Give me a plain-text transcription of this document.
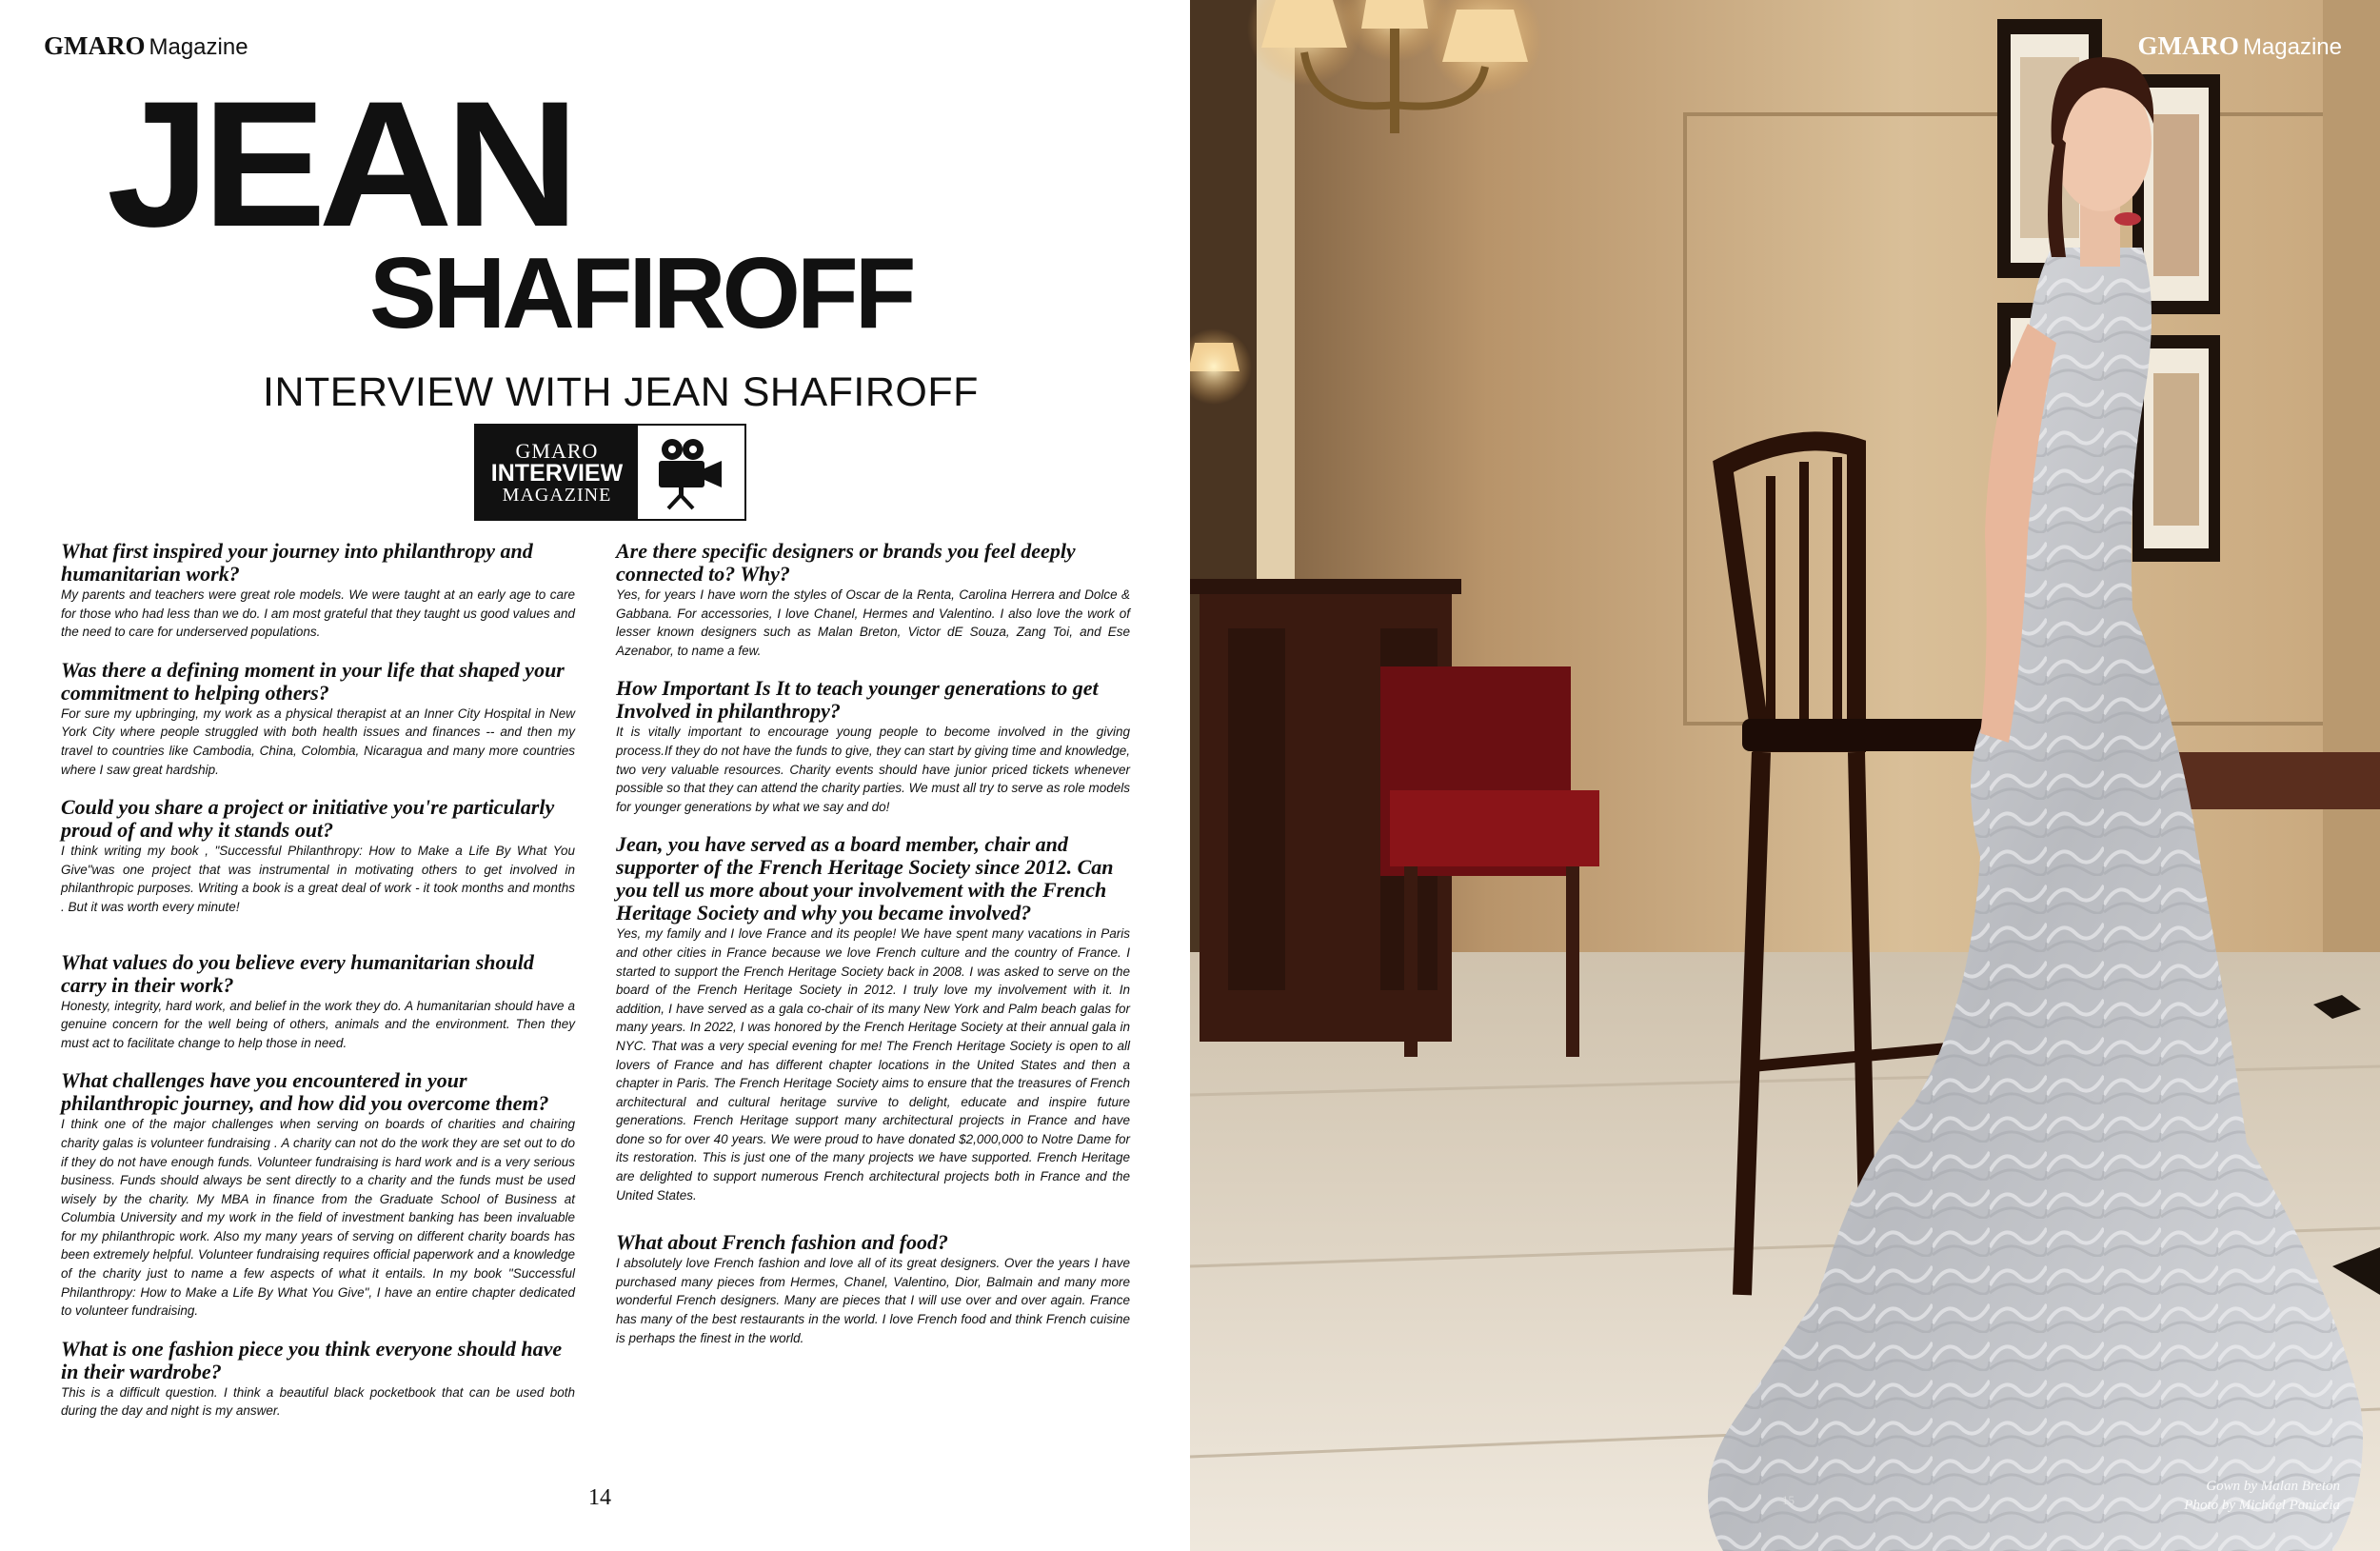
GMARO Magazine
JEAN
SHAFIROFF
INTERVIEW WITH JEAN SHAFIROFF
GMARO
INTERVIEW
MAGAZINE

What first inspired your journey into philanthropy and humanitarian work?

My parents and teachers were great role models. We were taught at an early age to care for those who had less than we do. I am most grateful that they taught us good values and the need to care for underserved populations.

Was there a defining moment in your life that shaped your commitment to helping others?

For sure my upbringing, my work as a physical therapist at an Inner City Hospital in New York City where people struggled with both health issues and finances -- and then my travel to countries like Cambodia, China, Colombia, Nicaragua and many more countries where I saw great hardship.

Could you share a project or initiative you're particularly proud of and why it stands out?

I think writing my book , "Successful Philanthropy: How to Make a Life By What You Give"was one project that was instrumental in motivating others to get involved in philanthropic purposes. Writing a book is a great deal of work - it took months and months . But it was worth every minute!

What values do you believe every humanitarian should carry in their work?

Honesty, integrity, hard work, and belief in the work they do. A humanitarian should have a genuine concern for the well being of others, animals and the environment. Then they must act to facilitate change to help those in need.

What challenges have you encountered in your philanthropic journey, and how did you overcome them?

I think one of the major challenges when serving on boards of charities and chairing charity galas is volunteer fundraising . A charity can not do the work they are set out to do if they do not have enough funds. Volunteer fundraising is hard work and is a very serious business. Funds should always be sent directly to a charity and the funds must be used wisely by the charity. My MBA in finance from the Graduate School of Business at Columbia University and my work in the field of investment banking has been invaluable for my philanthropic work. Also my many years of serving on different charity boards has been extremely helpful. Volunteer fundraising requires official paperwork and a knowledge of the charity just to name a few aspects of what it entails. In my book "Successful Philanthropy: How to Make a Life By What You Give", I have an entire chapter dedicated to volunteer fundraising.

What is one fashion piece you think everyone should have in their wardrobe?

This is a difficult question. I think a beautiful black pocketbook that can be used both during the day and night is my answer.

Are there specific designers or brands you feel deeply connected to? Why?

Yes, for years I have worn the styles of Oscar de la Renta, Carolina Herrera and Dolce & Gabbana. For accessories, I love Chanel, Hermes and Valentino. I also love the work of lesser known designers such as Malan Breton, Victor dE Souza, Zang Toi, and Ese Azenabor, to name a few.

How Important Is It to teach younger generations to get Involved in philanthropy?

It is vitally important to encourage young people to become involved in the giving process.If they do not have the funds to give, they can start by giving time and knowledge, two very valuable resources. Charity events should have junior priced tickets whenever possible so that they can attend the charity parties. We must all try to serve as role models for younger generations by what we say and do!

Jean, you have served as a board member, chair and supporter of the French Heritage Society since 2012. Can you tell us more about your involvement with the French Heritage Society and why you became involved?

Yes, my family and I love France and its people! We have spent many vacations in Paris and other cities in France because we love French culture and the country of France. I started to support the French Heritage Society back in 2008. I was asked to serve on the board of the French Heritage Society in 2012. I truly love my involvement with it. In addition, I have served as a gala co-chair of its many New York and Palm beach galas for many years. In 2022, I was honored by the French Heritage Society at their annual gala in NYC. That was a very special evening for me! The French Heritage Society is open to all lovers of France and has different chapter locations in the United States and then a chapter in Paris. The French Heritage Society aims to ensure that the treasures of French architectural and cultural heritage survive to delight, educate and inspire future generations. French Heritage support many architectural projects in France and have done so for over 40 years. We were proud to have donated $2,000,000 to Notre Dame for its restoration. This is just one of the many projects we have supported. French Heritage are delighted to support numerous French architectural projects both in France and the United States.

What about French fashion and food?

I absolutely love French fashion and love all of its great designers. Over the years I have purchased many pieces from Hermes, Chanel, Valentino, Dior, Balmain and many more wonderful French designers. Many are pieces that I will use over and over again. France has many of the best restaurants in the world. I love French food and think French cuisine is perhaps the finest in the world.

14
GMARO Magazine
15
Gown by Malan Breton
Photo by Michael Paniccia
